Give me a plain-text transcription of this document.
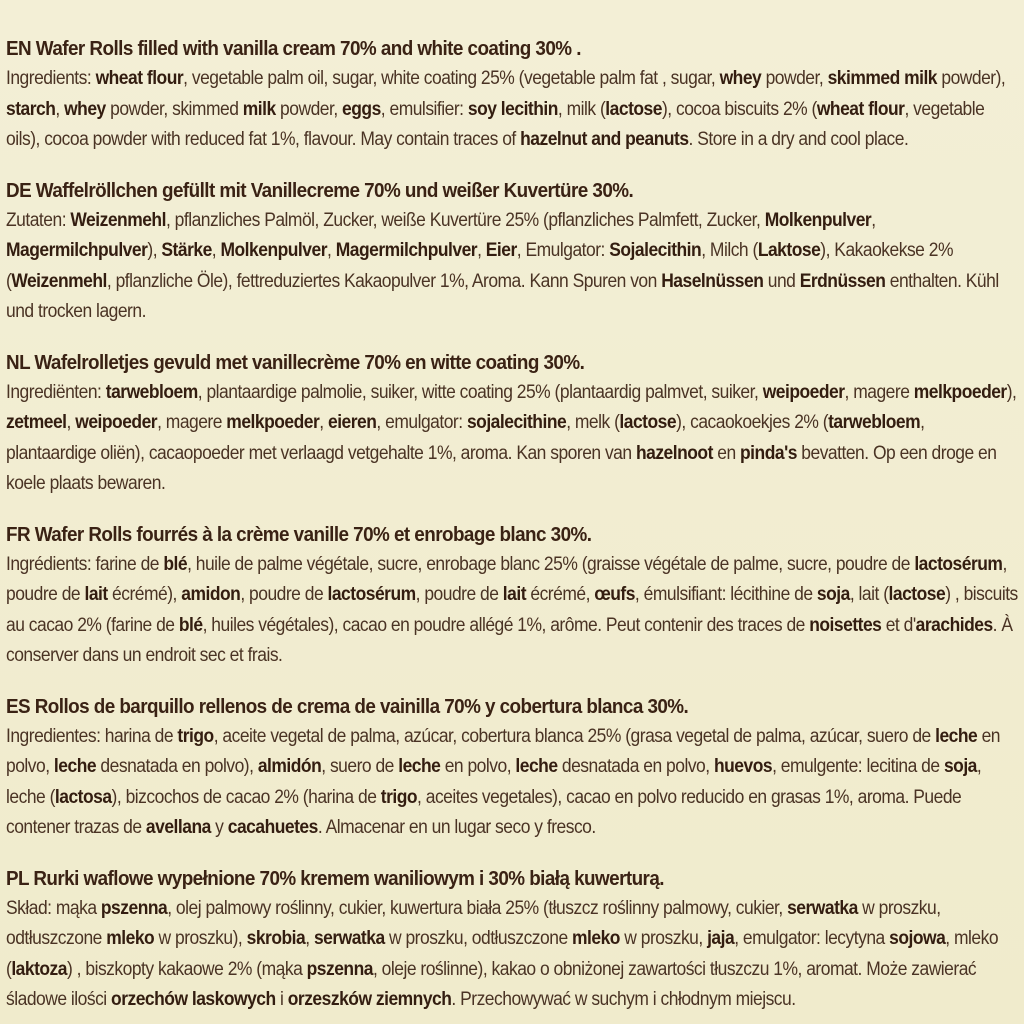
EN Wafer Rolls filled with vanilla cream 70% and white coating 30% .
Ingredients: wheat flour, vegetable palm oil, sugar, white coating 25% (vegetable palm fat , sugar, whey powder, skimmed milk powder), starch, whey powder, skimmed milk powder, eggs, emulsifier: soy lecithin, milk (lactose), cocoa biscuits 2% (wheat flour, vegetable oils), cocoa powder with reduced fat 1%, flavour. May contain traces of hazelnut and peanuts. Store in a dry and cool place.
DE Waffelröllchen gefüllt mit Vanillecreme 70% und weißer Kuvertüre 30%.
Zutaten: Weizenmehl, pflanzliches Palmöl, Zucker, weiße Kuvertüre 25% (pflanzliches Palmfett, Zucker, Molkenpulver, Magermilchpulver), Stärke, Molkenpulver, Magermilchpulver, Eier, Emulgator: Sojalecithin, Milch (Laktose), Kakaokekse 2% (Weizenmehl, pflanzliche Öle), fettreduziertes Kakaopulver 1%, Aroma. Kann Spuren von Haselnüssen und Erdnüssen enthalten. Kühl und trocken lagern.
NL Wafelrolletjes gevuld met vanillecrème 70% en witte coating 30%.
Ingrediënten: tarwebloem, plantaardige palmolie, suiker, witte coating 25% (plantaardig palmvet, suiker, weipoeder, magere melkpoeder), zetmeel, weipoeder, magere melkpoeder, eieren, emulgator: sojalecithine, melk (lactose), cacaokoekjes 2% (tarwebloem, plantaardige oliën), cacaopoeder met verlaagd vetgehalte 1%, aroma. Kan sporen van hazelnoot en pinda's bevatten. Op een droge en koele plaats bewaren.
FR Wafer Rolls fourrés à la crème vanille 70% et enrobage blanc 30%.
Ingrédients: farine de blé, huile de palme végétale, sucre, enrobage blanc 25% (graisse végétale de palme, sucre, poudre de lactosérum, poudre de lait écrémé), amidon, poudre de lactosérum, poudre de lait écrémé, œufs, émulsifiant: lécithine de soja, lait (lactose) , biscuits au cacao 2% (farine de blé, huiles végétales), cacao en poudre allégé 1%, arôme. Peut contenir des traces de noisettes et d'arachides. À conserver dans un endroit sec et frais.
ES Rollos de barquillo rellenos de crema de vainilla 70% y cobertura blanca 30%.
Ingredientes: harina de trigo, aceite vegetal de palma, azúcar, cobertura blanca 25% (grasa vegetal de palma, azúcar, suero de leche en polvo, leche desnatada en polvo), almidón, suero de leche en polvo, leche desnatada en polvo, huevos, emulgente: lecitina de soja, leche (lactosa), bizcochos de cacao 2% (harina de trigo, aceites vegetales), cacao en polvo reducido en grasas 1%, aroma. Puede contener trazas de avellana y cacahuetes. Almacenar en un lugar seco y fresco.
PL Rurki waflowe wypełnione 70% kremem waniliowym i 30% białą kuwerturą.
Skład: mąka pszenna, olej palmowy roślinny, cukier, kuwertura biała 25% (tłuszcz roślinny palmowy, cukier, serwatka w proszku, odtłuszczone mleko w proszku), skrobia, serwatka w proszku, odtłuszczone mleko w proszku, jaja, emulgator: lecytyna sojowa, mleko (laktoza) , biszkopty kakaowe 2% (mąka pszenna, oleje roślinne), kakao o obniżonej zawartości tłuszczu 1%, aromat. Może zawierać śladowe ilości orzechów laskowych i orzeszków ziemnych. Przechowywać w suchym i chłodnym miejscu.
